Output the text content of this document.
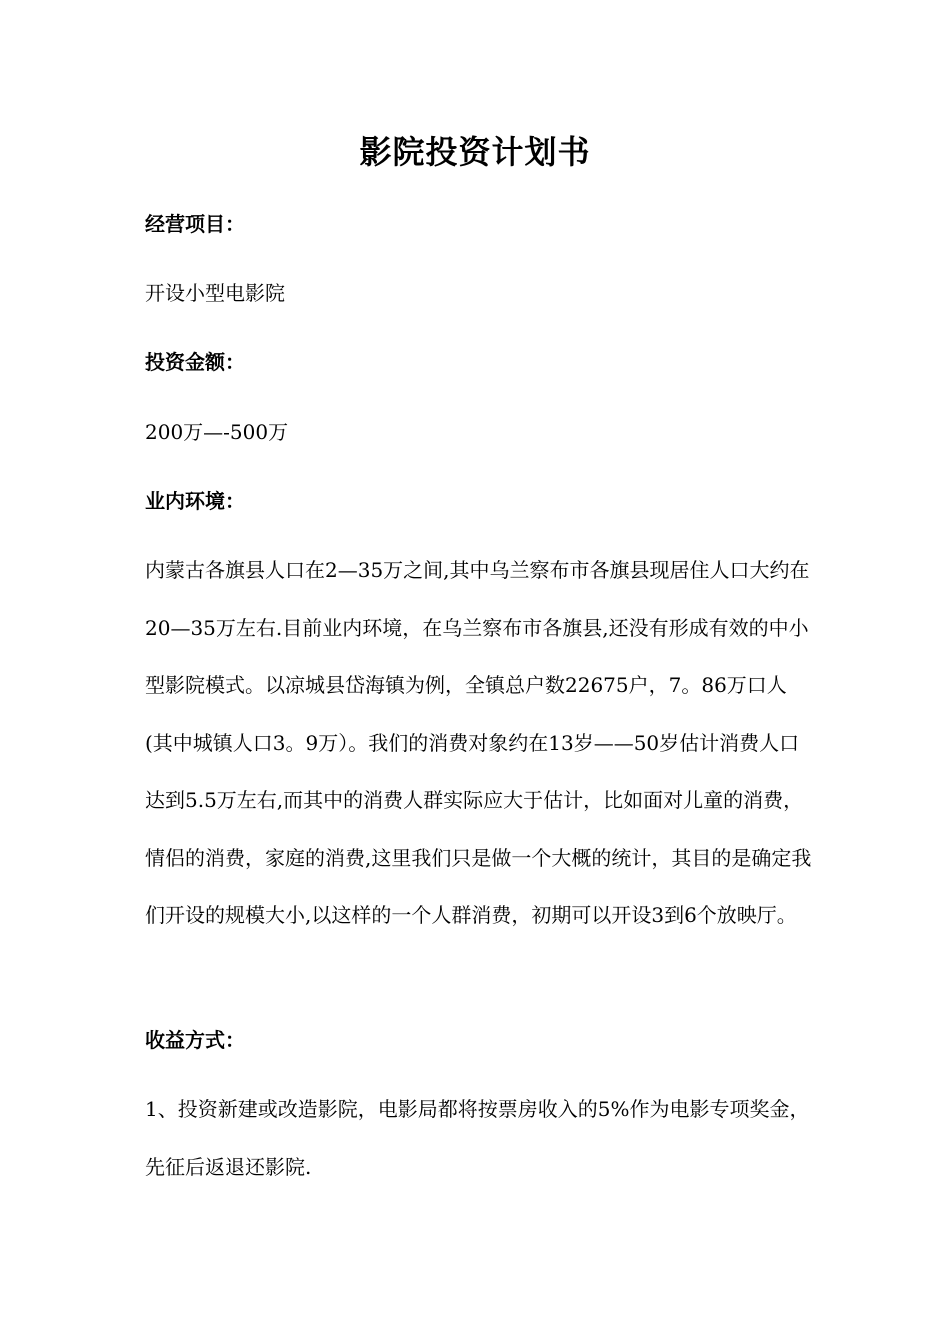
影院投资计划书
经营项目：
开设小型电影院
投资金额：
200万—-500万
业内环境：

内蒙古各旗县人口在2—35万之间,其中乌兰察布市各旗县现居住人口大约在20—35万左右.目前业内环境，在乌兰察布市各旗县,还没有形成有效的中小型影院模式。以凉城县岱海镇为例，全镇总户数22675户，7。86万口人(其中城镇人口3。9万）。我们的消费对象约在13岁——50岁估计消费人口达到5.5万左右,而其中的消费人群实际应大于估计，比如面对儿童的消费，情侣的消费，家庭的消费,这里我们只是做一个大概的统计，其目的是确定我们开设的规模大小,以这样的一个人群消费，初期可以开设3到6个放映厅。

收益方式：

1、投资新建或改造影院，电影局都将按票房收入的5%作为电影专项奖金，先征后返退还影院.
